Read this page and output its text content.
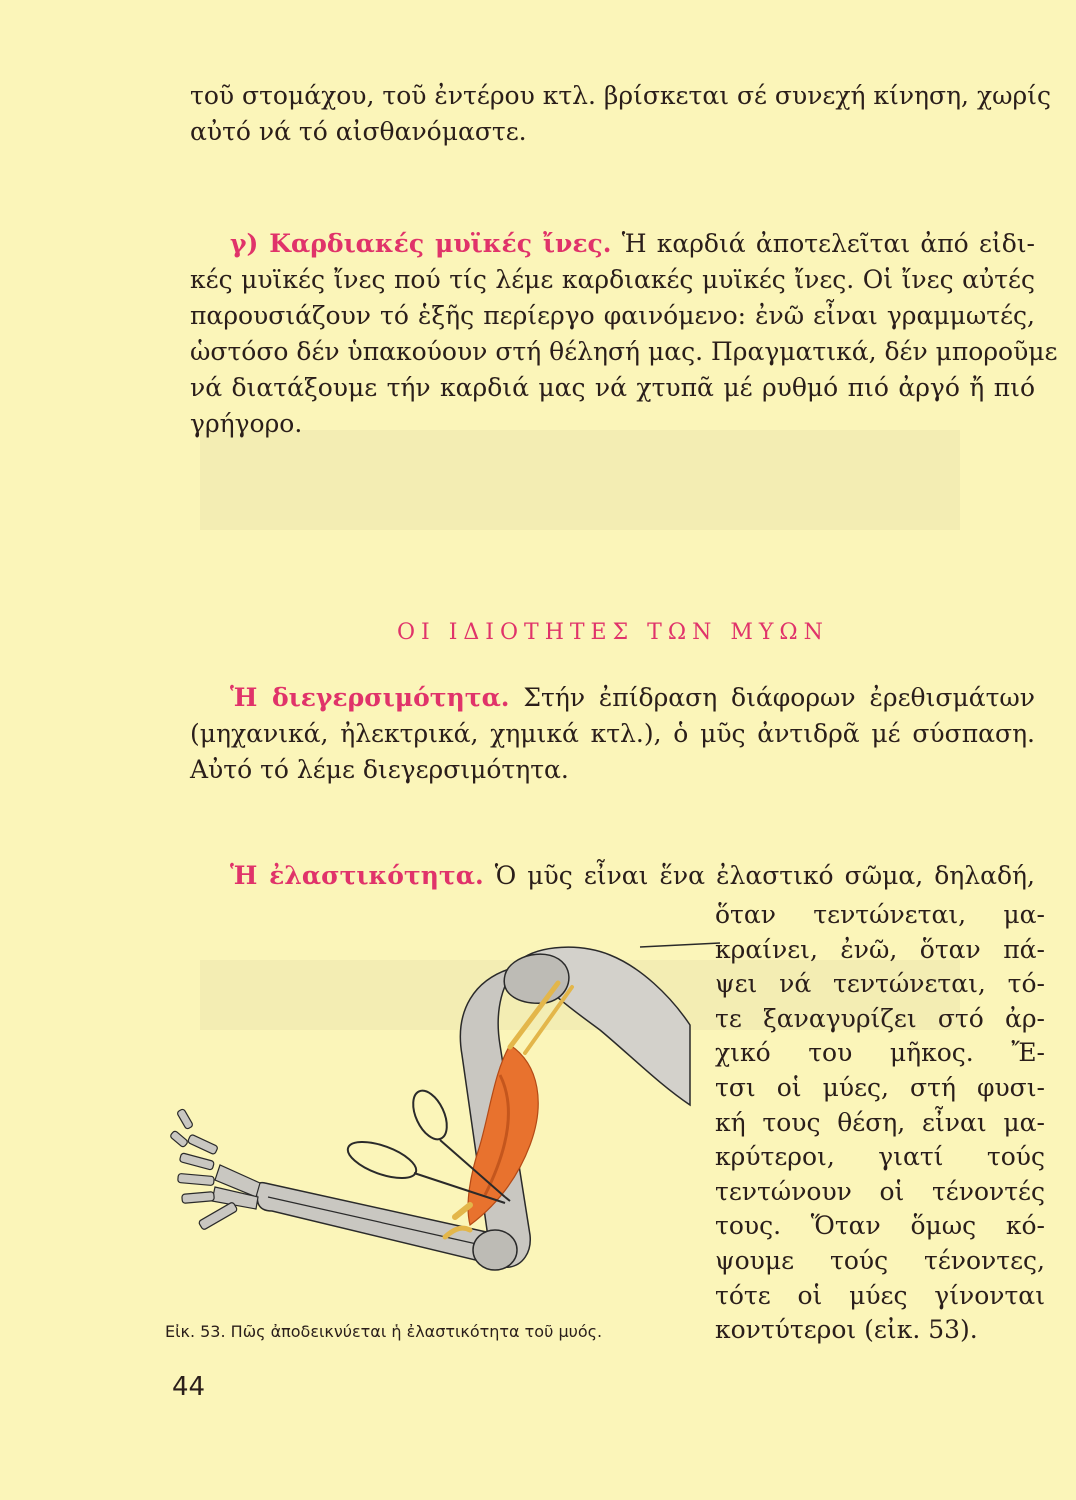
τοῦ στομάχου, τοῦ ἐντέρου κτλ. βρίσκεται σέ συνεχή κίνηση, χωρίς
αὐτό νά τό αἰσθανόμαστε.
γ) Καρδιακές μυϊκές ἴνες. Ἡ καρδιά ἀποτελεῖται ἀπό εἰδι-
κές μυϊκές ἴνες πού τίς λέμε καρδιακές μυϊκές ἴνες. Οἱ ἴνες αὐτές
παρουσιάζουν τό ἑξῆς περίεργο φαινόμενο: ἐνῶ εἶναι γραμμωτές,
ὡστόσο δέν ὑπακούουν στή θέλησή μας. Πραγματικά, δέν μποροῦμε
νά διατάξουμε τήν καρδιά μας νά χτυπᾶ μέ ρυθμό πιό ἀργό ἤ πιό
γρήγορο.
ΟΙ ΙΔΙΟΤΗΤΕΣ ΤΩΝ ΜΥΩΝ
Ἡ διεγερσιμότητα. Στήν ἐπίδραση διάφορων ἐρεθισμάτων
(μηχανικά, ἠλεκτρικά, χημικά κτλ.), ὁ μῦς ἀντιδρᾶ μέ σύσπαση.
Αὐτό τό λέμε διεγερσιμότητα.
Ἡ ἐλαστικότητα. Ὁ μῦς εἶναι ἕνα ἐλαστικό σῶμα, δηλαδή,
ὅταν τεντώνεται, μα-
κραίνει, ἐνῶ, ὅταν πά-
ψει νά τεντώνεται, τό-
τε ξαναγυρίζει στό ἀρ-
χικό του μῆκος. Ἔ-
τσι οἱ μύες, στή φυσι-
κή τους θέση, εἶναι μα-
κρύτεροι, γιατί τούς
τεντώνουν οἱ τένοντές
τους. Ὅταν ὅμως κό-
ψουμε τούς τένοντες,
τότε οἱ μύες γίνονται
κοντύτεροι (εἰκ. 53).
Εἰκ. 53. Πῶς ἀποδεικνύεται ἡ ἐλαστικότητα τοῦ μυός.
44
